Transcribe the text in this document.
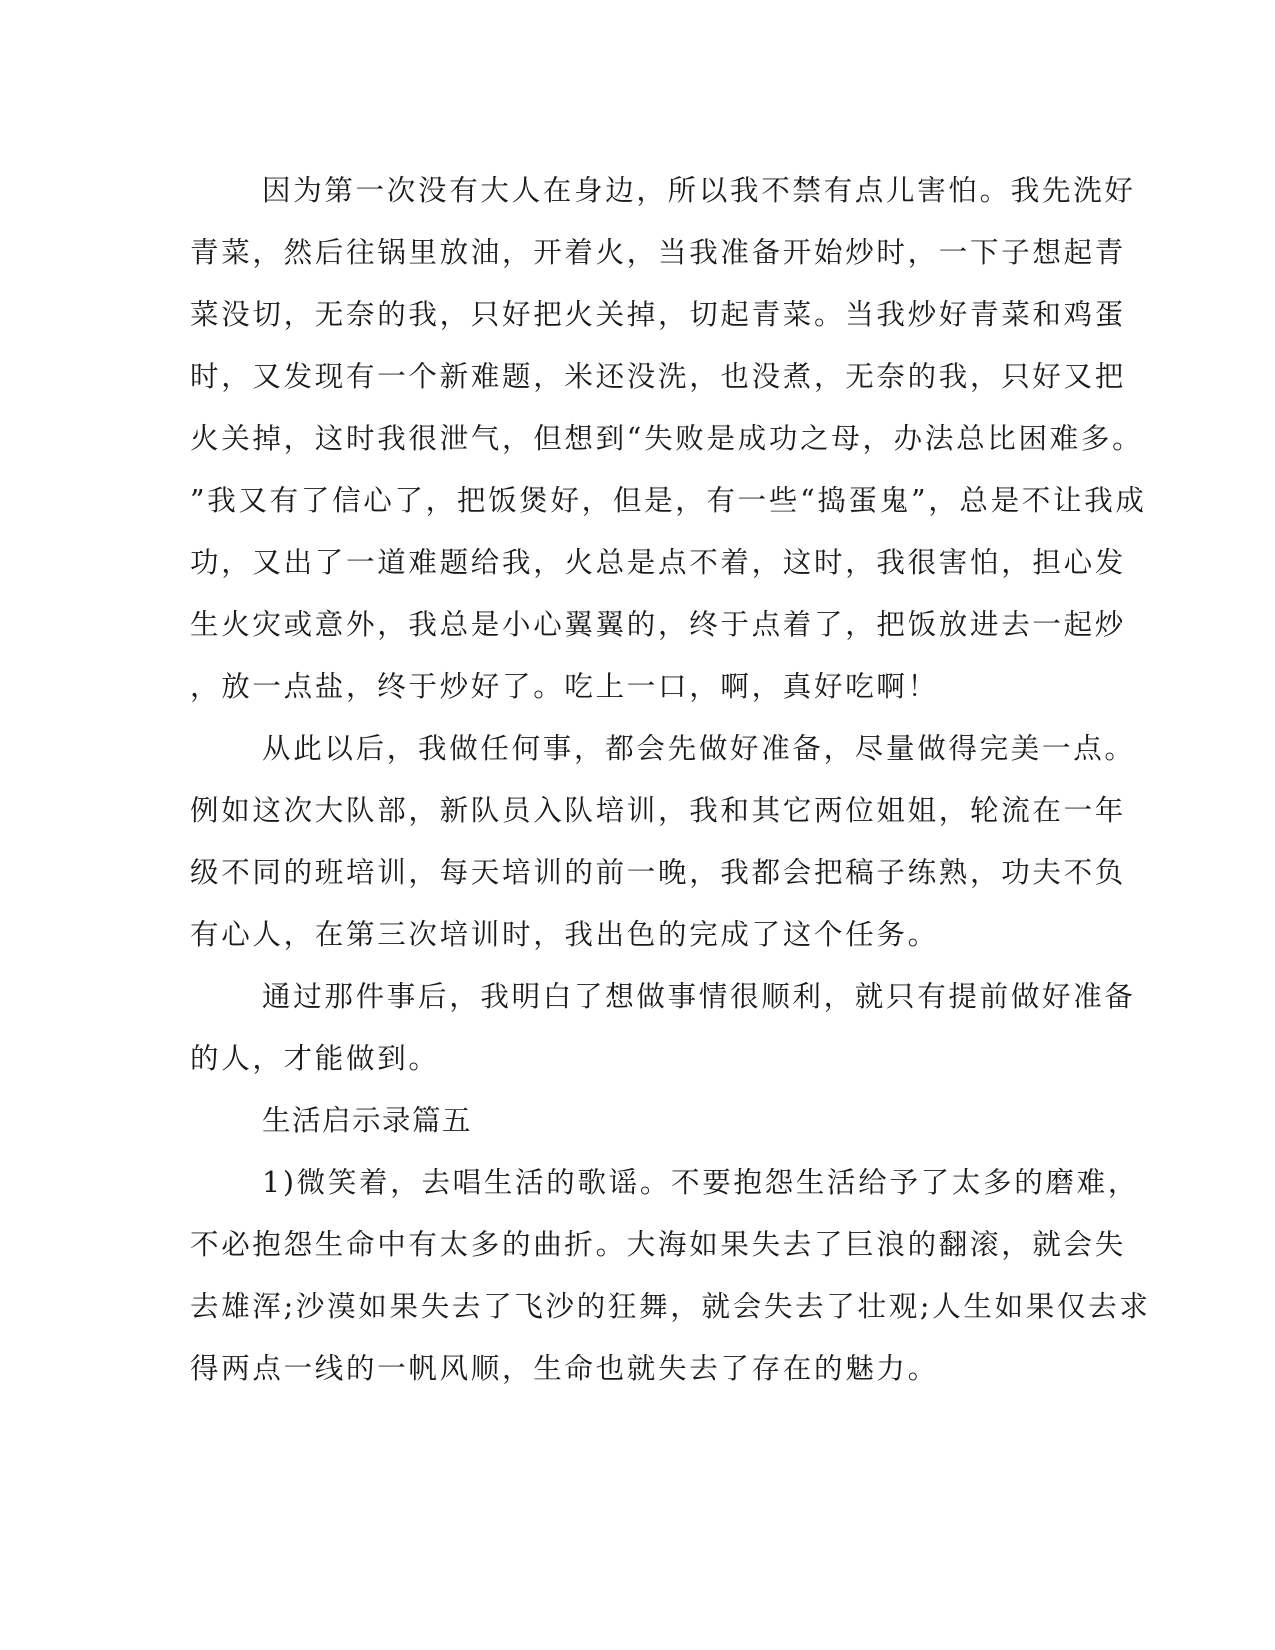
因为第一次没有大人在身边，所以我不禁有点儿害怕。我先洗好
青菜，然后往锅里放油，开着火，当我准备开始炒时，一下子想起青
菜没切，无奈的我，只好把火关掉，切起青菜。当我炒好青菜和鸡蛋
时，又发现有一个新难题，米还没洗，也没煮，无奈的我，只好又把
火关掉，这时我很泄气，但想到“失败是成功之母，办法总比困难多。
”我又有了信心了，把饭煲好，但是，有一些“捣蛋鬼”，总是不让我成
功，又出了一道难题给我，火总是点不着，这时，我很害怕，担心发
生火灾或意外，我总是小心翼翼的，终于点着了，把饭放进去一起炒
，放一点盐，终于炒好了。吃上一口，啊，真好吃啊！
从此以后，我做任何事，都会先做好准备，尽量做得完美一点。
例如这次大队部，新队员入队培训，我和其它两位姐姐，轮流在一年
级不同的班培训，每天培训的前一晚，我都会把稿子练熟，功夫不负
有心人，在第三次培训时，我出色的完成了这个任务。
通过那件事后，我明白了想做事情很顺利，就只有提前做好准备
的人，才能做到。
生活启示录篇五
1)微笑着，去唱生活的歌谣。不要抱怨生活给予了太多的磨难，
不必抱怨生命中有太多的曲折。大海如果失去了巨浪的翻滚，就会失
去雄浑;沙漠如果失去了飞沙的狂舞，就会失去了壮观;人生如果仅去求
得两点一线的一帆风顺，生命也就失去了存在的魅力。
